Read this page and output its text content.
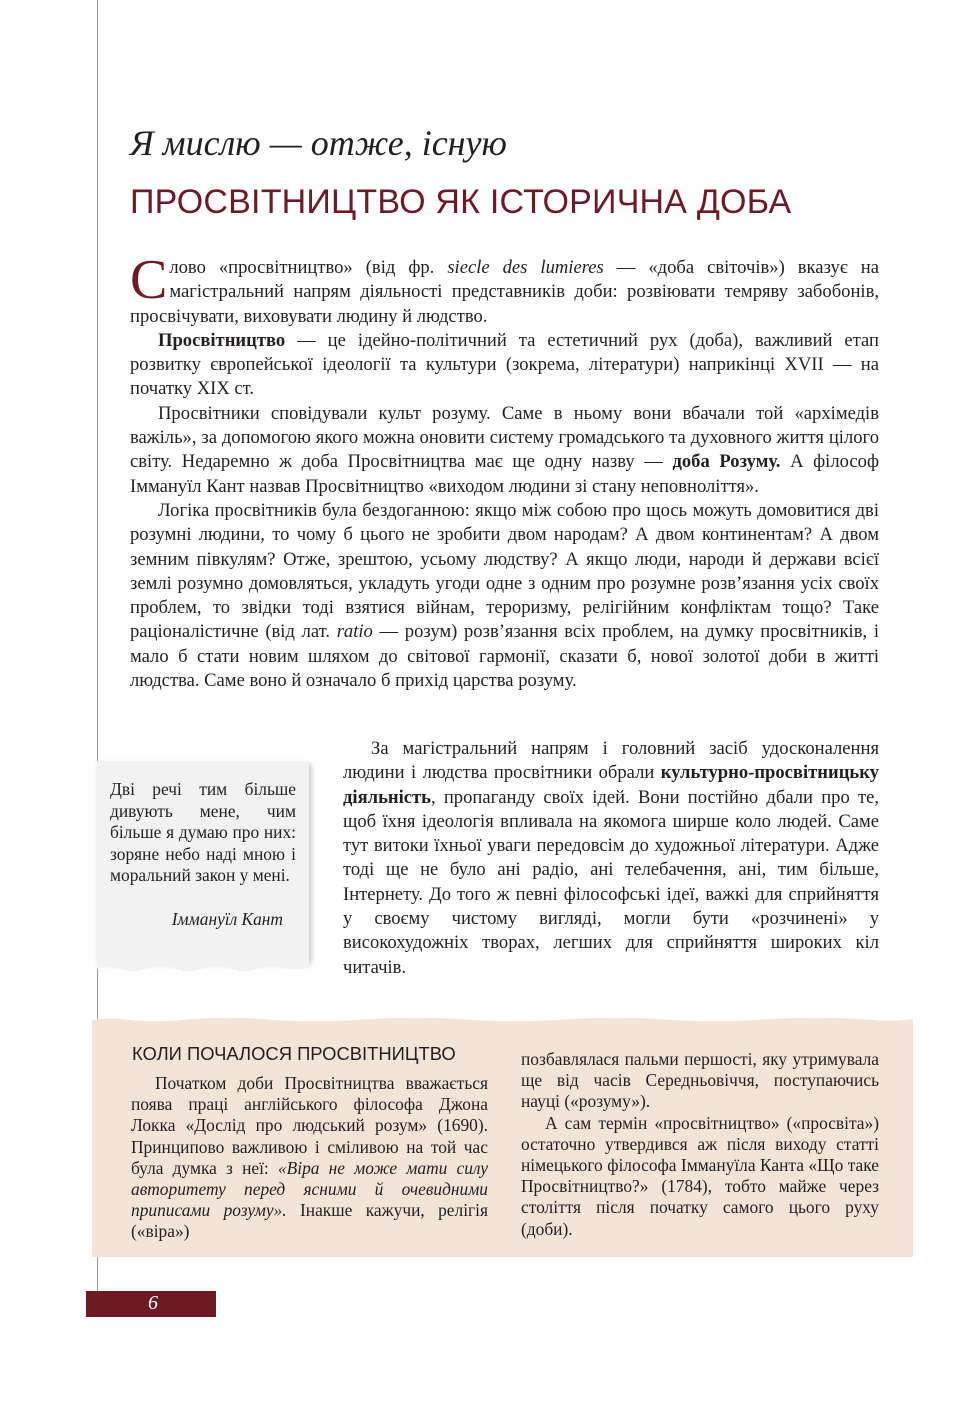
Я мислю — отже, існую
ПРОСВІТНИЦТВО ЯК ІСТОРИЧНА ДОБА

Слово «просвітництво» (від фр. siecle des lumieres — «доба світочів») вказує на магістральний напрям діяльності представників доби: розвіювати темряву забобонів, просвічувати, виховувати людину й людство.

Просвітництво — це ідейно-політичний та естетичний рух (доба), важливий етап розвитку європейської ідеології та культури (зокрема, літератури) наприкінці XVII — на початку XIX ст.

Просвітники сповідували культ розуму. Саме в ньому вони вбачали той «архімедів важіль», за допомогою якого можна оновити систему громадського та духовного життя цілого світу. Недаремно ж доба Просвітництва має ще одну назву — доба Розуму. А філософ Іммануїл Кант назвав Просвітництво «виходом людини зі стану неповноліття».

Логіка просвітників була бездоганною: якщо між собою про щось можуть домовитися дві розумні людини, то чому б цього не зробити двом народам? А двом континентам? А двом земним півкулям? Отже, зрештою, усьому людству? А якщо люди, народи й держави всієї землі розумно домовляться, укладуть угоди одне з одним про розумне розв’язання усіх своїх проблем, то звідки тоді взятися війнам, тероризму, релігійним конфліктам тощо? Таке раціоналістичне (від лат. ratio — розум) розв’язання всіх проблем, на думку просвітників, і мало б стати новим шляхом до світової гармонії, сказати б, нової золотої доби в житті людства. Саме воно й означало б прихід царства розуму.

За магістральний напрям і головний засіб удосконалення людини і людства просвітники обрали культурно-просвітницьку діяльність, пропаганду своїх ідей. Вони постійно дбали про те, щоб їхня ідеологія впливала на якомога ширше коло людей. Саме тут витоки їхньої уваги передовсім до художньої літератури. Адже тоді ще не було ані радіо, ані телебачення, ані, тим більше, Інтернету. До того ж певні філософські ідеї, важкі для сприйняття у своєму чистому вигляді, могли бути «розчинені» у високохудожніх творах, легших для сприйняття широких кіл читачів.

Дві речі тим більше дивують мене, чим більше я думаю про них: зоряне небо наді мною і моральний закон у мені.
Іммануїл Кант
КОЛИ ПОЧАЛОСЯ ПРОСВІТНИЦТВО

Початком доби Просвітництва вважається поява праці англійського філософа Джона Локка «Дослід про людський розум» (1690). Принципово важливою і сміливою на той час була думка з неї: «Віра не може мати силу авторитету перед ясними й очевидними приписами розуму». Інакше кажучи, релігія («віра»)

позбавлялася пальми першості, яку утримувала ще від часів Середньовіччя, поступаючись науці («розуму»).

А сам термін «просвітництво» («просвіта») остаточно утвердився аж після виходу статті німецького філософа Іммануїла Канта «Що таке Просвітництво?» (1784), тобто майже через століття після початку самого цього руху (доби).

6
